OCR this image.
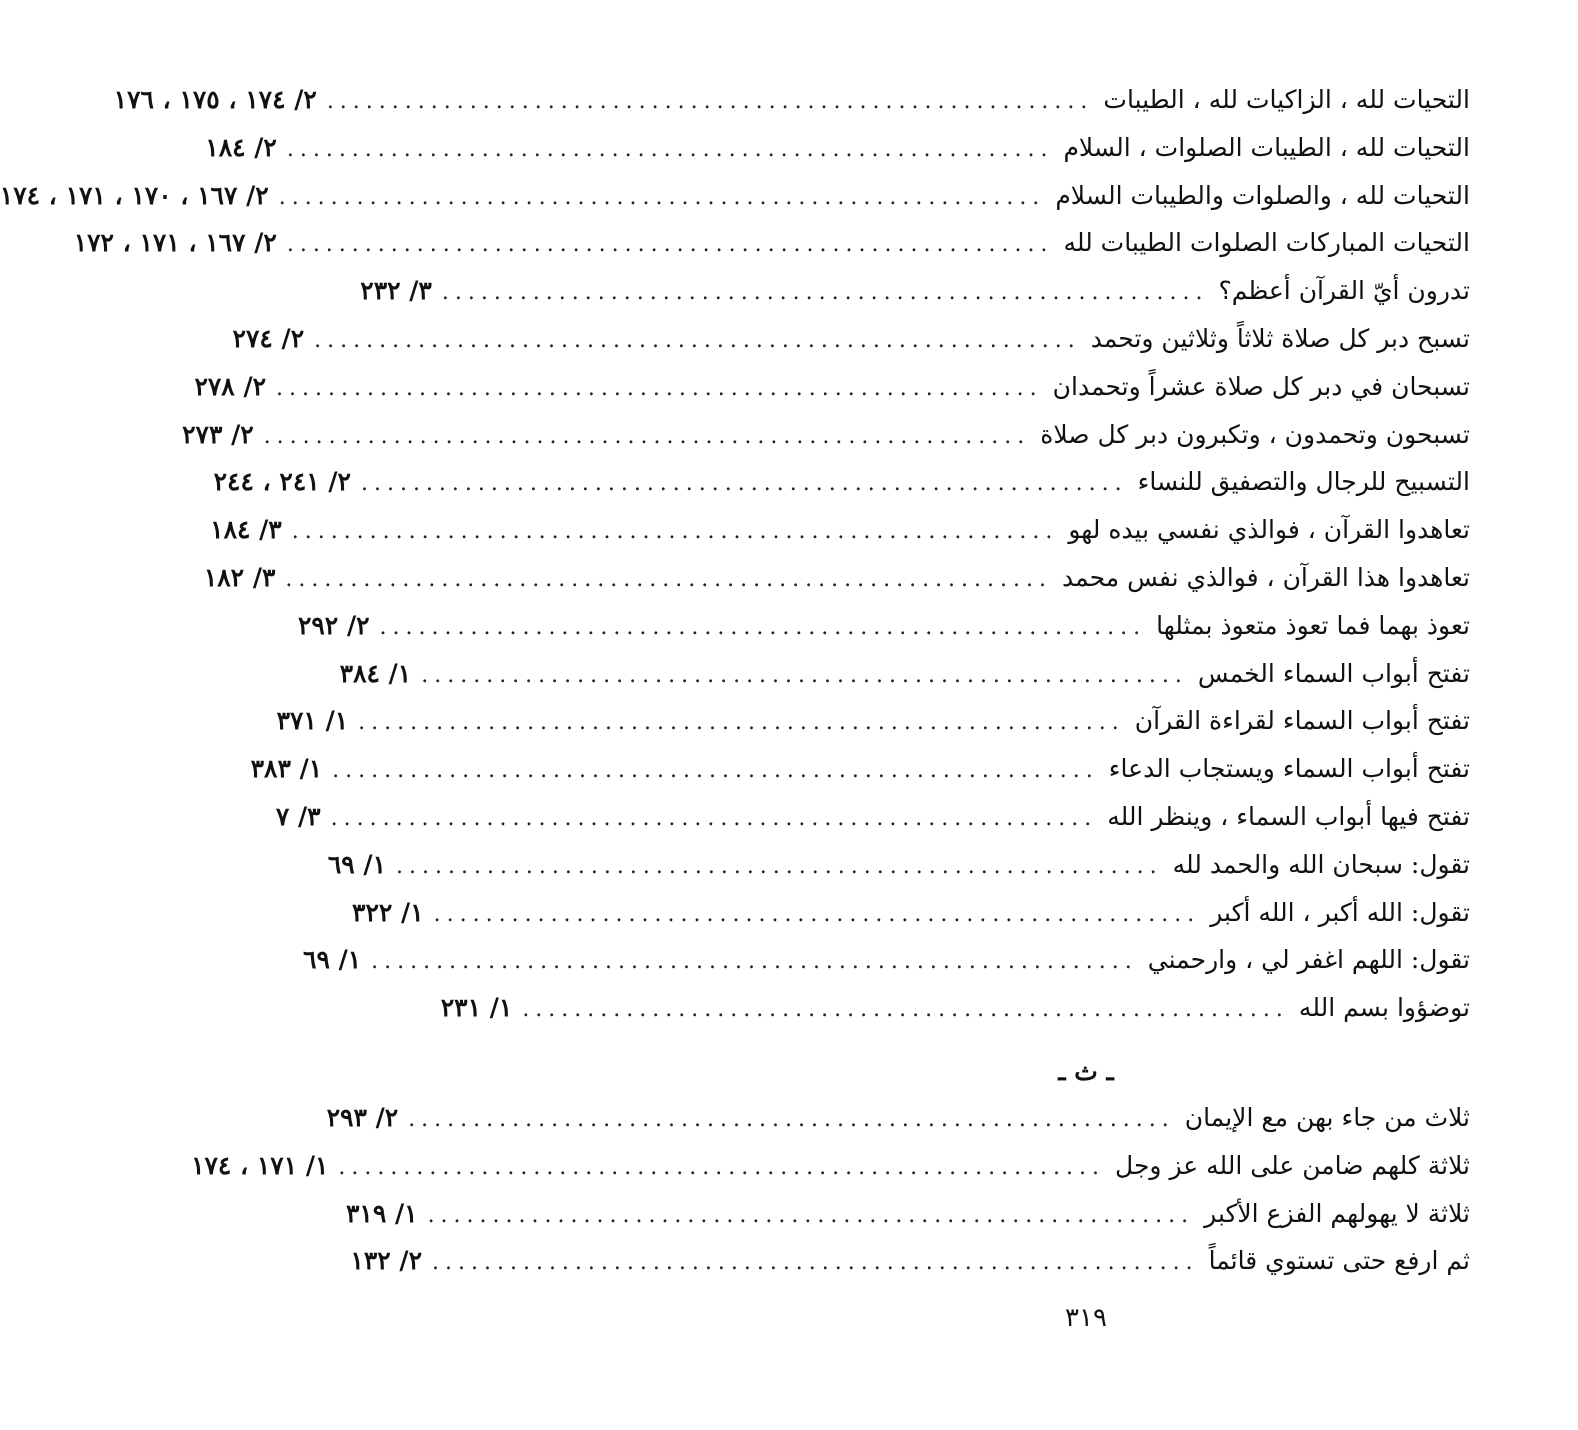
التحيات لله ، الزاكيات لله ، الطيبات
...........................................................
٢/ ١٧٤ ، ١٧٥ ، ١٧٦
التحيات لله ، الطيبات الصلوات ، السلام
...........................................................
٢/ ١٨٤
التحيات لله ، والصلوات والطيبات السلام
...........................................................
٢/ ١٦٧ ، ١٧٠ ، ١٧١ ، ١٧٤
التحيات المباركات الصلوات الطيبات لله
...........................................................
٢/ ١٦٧ ، ١٧١ ، ١٧٢
تدرون أيّ القرآن أعظم؟
...........................................................
٣/ ٢٣٢
تسبح دبر كل صلاة ثلاثاً وثلاثين وتحمد
...........................................................
٢/ ٢٧٤
تسبحان في دبر كل صلاة عشراً وتحمدان
...........................................................
٢/ ٢٧٨
تسبحون وتحمدون ، وتكبرون دبر كل صلاة
...........................................................
٢/ ٢٧٣
التسبيح للرجال والتصفيق للنساء
...........................................................
٢/ ٢٤١ ، ٢٤٤
تعاهدوا القرآن ، فوالذي نفسي بيده لهو
...........................................................
٣/ ١٨٤
تعاهدوا هذا القرآن ، فوالذي نفس محمد
...........................................................
٣/ ١٨٢
تعوذ بهما فما تعوذ متعوذ بمثلها
...........................................................
٢/ ٢٩٢
تفتح أبواب السماء الخمس
...........................................................
١/ ٣٨٤
تفتح أبواب السماء لقراءة القرآن
...........................................................
١/ ٣٧١
تفتح أبواب السماء ويستجاب الدعاء
...........................................................
١/ ٣٨٣
تفتح فيها أبواب السماء ، وينظر الله
...........................................................
٣/ ٧
تقول: سبحان الله والحمد لله
...........................................................
١/ ٦٩
تقول: الله أكبر ، الله أكبر
...........................................................
١/ ٣٢٢
تقول: اللهم اغفر لي ، وارحمني
...........................................................
١/ ٦٩
توضؤوا بسم الله
...........................................................
١/ ٢٣١
ـ ث ـ
ثلاث من جاء بهن مع الإيمان
...........................................................
٢/ ٢٩٣
ثلاثة كلهم ضامن على الله عز وجل
...........................................................
١/ ١٧١ ، ١٧٤
ثلاثة لا يهولهم الفزع الأكبر
...........................................................
١/ ٣١٩
ثم ارفع حتى تستوي قائماً
...........................................................
٢/ ١٣٢
٣١٩
